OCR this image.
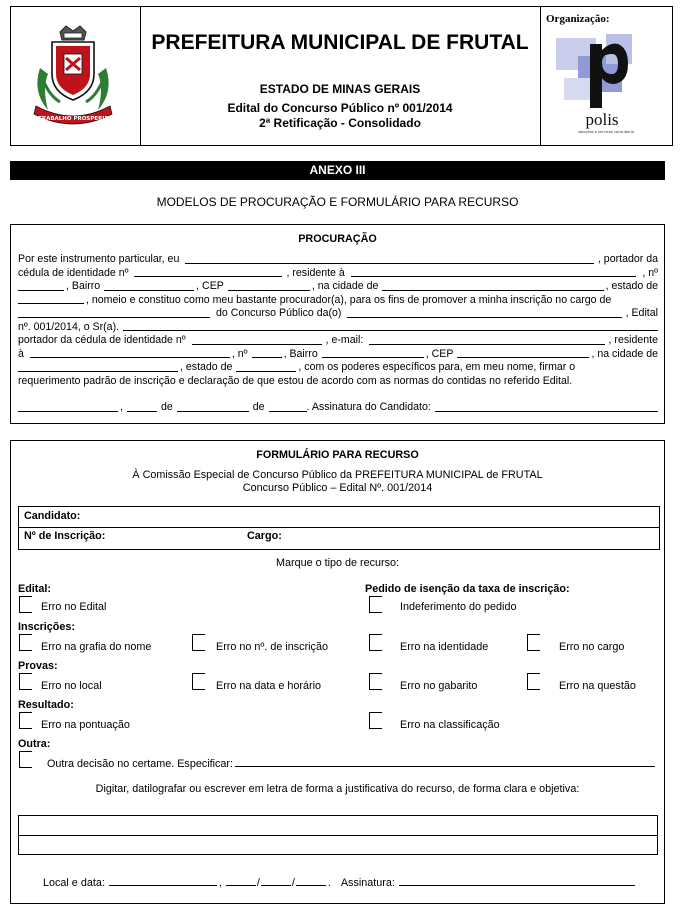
PAZ TRABALHO PROSPERIDADE
PREFEITURA MUNICIPAL DE FRUTAL
ESTADO DE MINAS GERAIS
Edital do Concurso Público nº 001/2014
2ª Retificação - Consolidado
Organização:
polis
soluções e serviços consultoria
ANEXO III
MODELOS DE PROCURAÇÃO E FORMULÁRIO PARA RECURSO
PROCURAÇÃO
Por este instrumento particular, eu	, portador da
cédula de identidade nº	, residente à	, nº
, Bairro	, CEP	, na cidade de	, estado de
, nomeio e constituo como meu bastante procurador(a), para os fins de promover a minha inscrição no cargo de
do Concurso Público da(o)	, Edital
nº. 001/2014, o Sr(a).
portador da cédula de identidade nº	, e-mail:	, residente
à	, nº	, Bairro	, CEP	, na cidade de
, estado de	, com os poderes específicos para, em meu nome, firmar o
requerimento padrão de inscrição e declaração de que estou de acordo com as normas do contidas no referido Edital.
,	de	de	. Assinatura do Candidato:
FORMULÁRIO PARA RECURSO
À Comissão Especial de Concurso Público da PREFEITURA MUNICIPAL de FRUTAL
Concurso Público – Edital Nº. 001/2014
Candidato:
Nº de Inscrição:	Cargo:
Marque o tipo de recurso:
Edital:	Pedido de isenção da taxa de inscrição:
Erro no Edital	Indeferimento do pedido
Inscrições:
Erro na grafia do nome	Erro no nº. de inscrição	Erro na identidade	Erro no cargo
Provas:
Erro no local	Erro na data e horário	Erro no gabarito	Erro na questão
Resultado:
Erro na pontuação	Erro na classificação
Outra:
Outra decisão no certame. Especificar:
Digitar, datilografar ou escrever em letra de forma a justificativa do recurso, de forma clara e objetiva:
Local e data:	,	/	/	. Assinatura:
